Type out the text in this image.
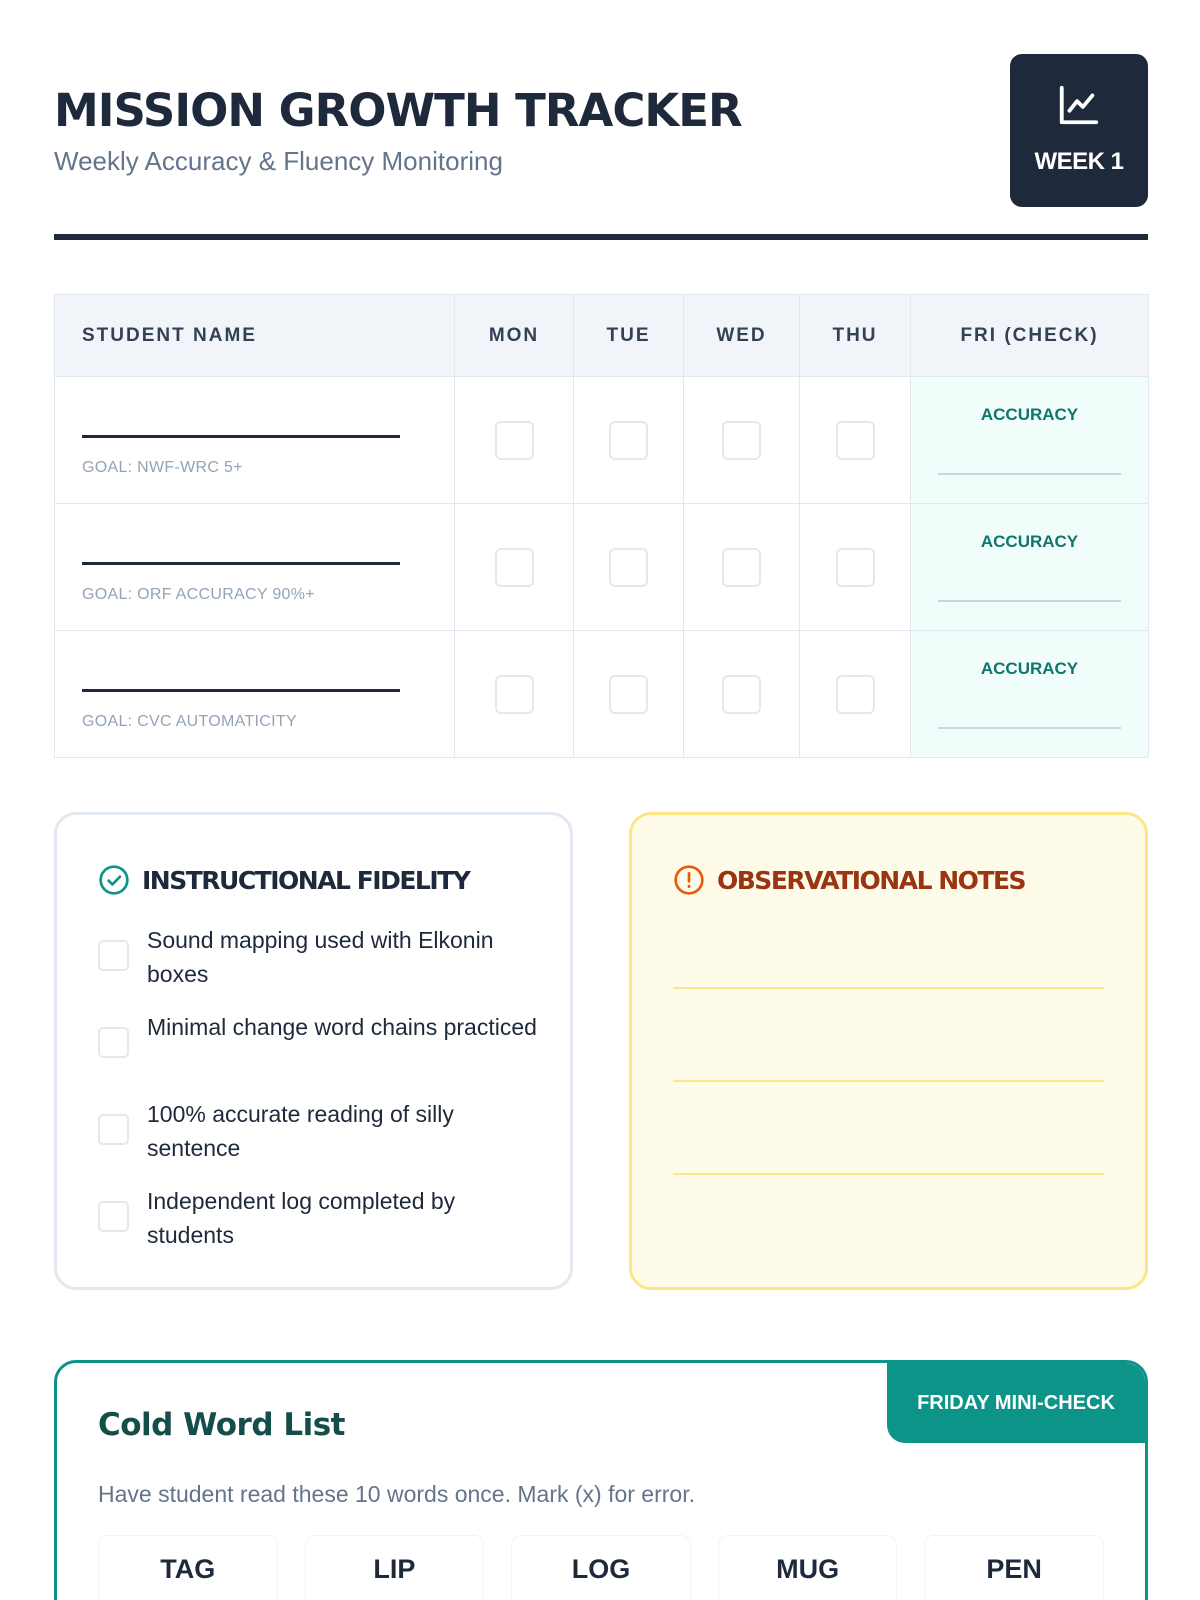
MISSION GROWTH TRACKER
Weekly Accuracy & Fluency Monitoring	WEEK 1
STUDENT NAME	MON	TUE	WED	THU	FRI (CHECK)

GOAL: NWF-WRC 5+					ACCURACY

GOAL: ORF ACCURACY 90%+					ACCURACY

GOAL: CVC AUTOMATICITY					ACCURACY
INSTRUCTIONAL FIDELITY
Sound mapping used with Elkonin boxes
Minimal change word chains practiced
100% accurate reading of silly sentence
Independent log completed by students
OBSERVATIONAL NOTES
FRIDAY MINI-CHECK
Cold Word List
Have student read these 10 words once. Mark (x) for error.
TAG	LIP	LOG	MUG	PEN
